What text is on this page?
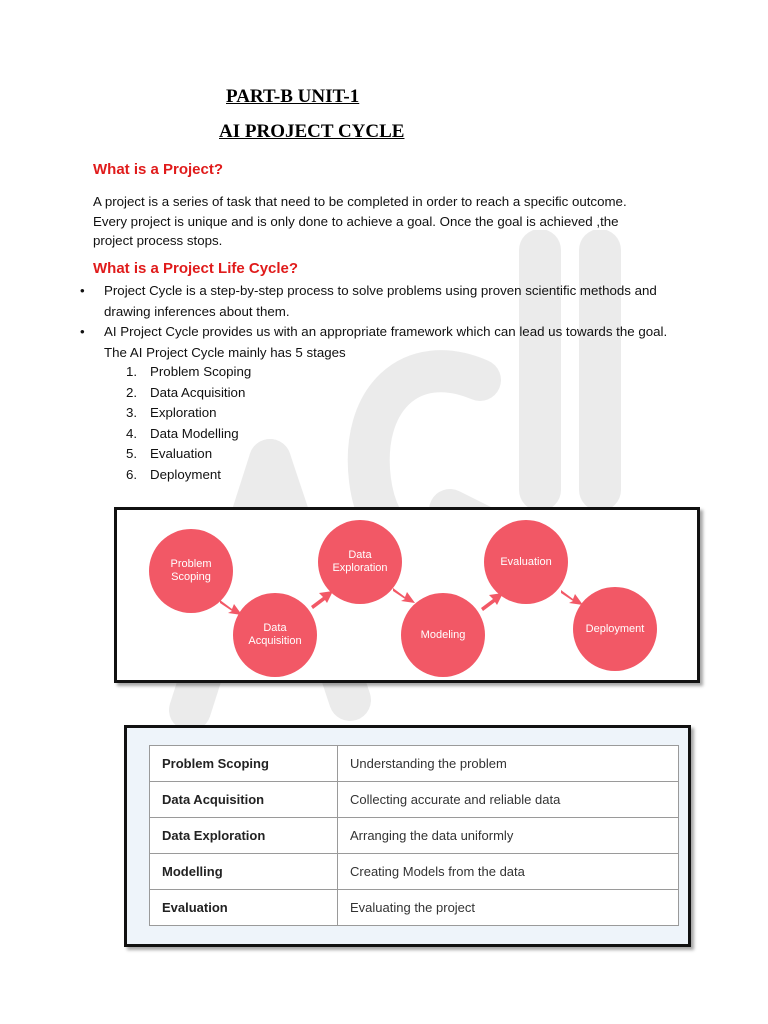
PART-B UNIT-1
AI PROJECT CYCLE
What is a Project?
A project is a series of task that need to be completed in order to reach a specific outcome.
Every project is unique and is only done to achieve a goal. Once the goal is achieved ,the
project process stops.
What is a Project Life Cycle?
• Project Cycle is a step-by-step process to solve problems using proven scientific methods and
drawing inferences about them.
• AI Project Cycle provides us with an appropriate framework which can lead us towards the goal.
The AI Project Cycle mainly has 5 stages
1. Problem Scoping
2. Data Acquisition
3. Exploration
4. Data Modelling
5. Evaluation
6. Deployment
Problem
Scoping
Data
Acquisition
Data
Exploration
Modeling
Evaluation
Deployment
Problem Scoping	Understanding the problem
Data Acquisition	Collecting accurate and reliable data
Data Exploration	Arranging the data uniformly
Modelling	Creating Models from the data
Evaluation	Evaluating the project
